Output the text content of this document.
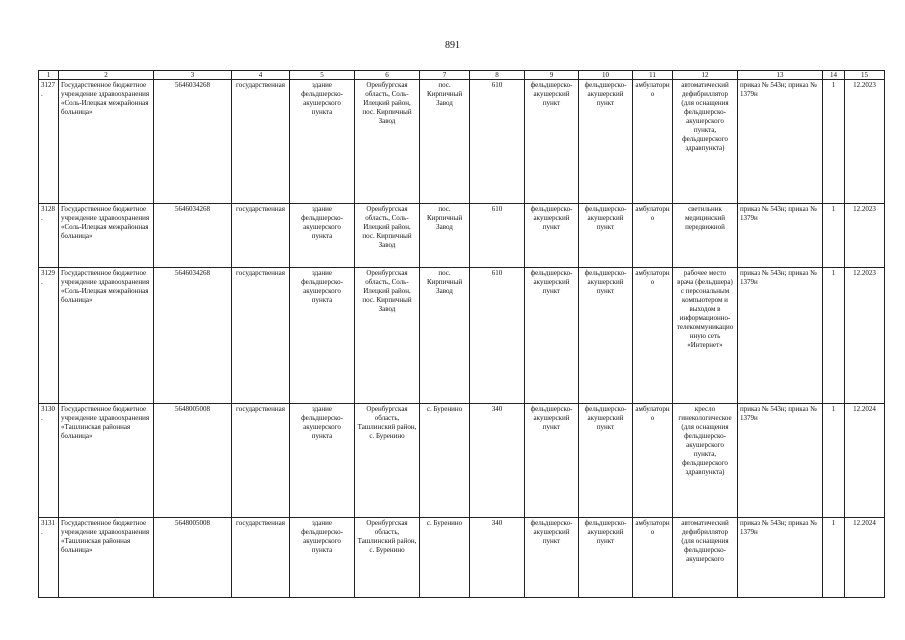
891
1	2	3	4	5	6	7	8	9	10	11	12	13	14	15
3127.	Государственное бюджетное учреждение здравоохранения «Соль-Илецкая межрайонная больница»	5646034268	государственная	здание фельдшерско-акушерского пункта	Оренбургская область, Соль-Илецкий район, пос. Кирпичный Завод	пос. Кирпичный Завод	610	фельдшерско-акушерский пункт	фельдшерско-акушерский пункт	амбулаторно	автоматический дефибриллятор (для оснащения фельдшерско-акушерского пункта, фельдшерского здравпункта)	приказ № 543н; приказ № 1379н	1	12.2023
3128.	Государственное бюджетное учреждение здравоохранения «Соль-Илецкая межрайонная больница»	5646034268	государственная	здание фельдшерско-акушерского пункта	Оренбургская область, Соль-Илецкий район, пос. Кирпичный Завод	пос. Кирпичный Завод	610	фельдшерско-акушерский пункт	фельдшерско-акушерский пункт	амбулаторно	светильник медицинский передвижной	приказ № 543н; приказ № 1379н	1	12.2023
3129.	Государственное бюджетное учреждение здравоохранения «Соль-Илецкая межрайонная больница»	5646034268	государственная	здание фельдшерско-акушерского пункта	Оренбургская область, Соль-Илецкий район, пос. Кирпичный Завод	пос. Кирпичный Завод	610	фельдшерско-акушерский пункт	фельдшерско-акушерский пункт	амбулаторно	рабочее место врача (фельдшера) с персональным компьютером и выходом в информационно-телекоммуникационную сеть «Интернет»	приказ № 543н; приказ № 1379н	1	12.2023
3130.	Государственное бюджетное учреждение здравоохранения «Ташлинская районная больница»	5648005008	государственная	здание фельдшерско-акушерского пункта	Оренбургская область, Ташлинский район, с. Буренино	с. Буренино	340	фельдшерско-акушерский пункт	фельдшерско-акушерский пункт	амбулаторно	кресло гинекологическое (для оснащения фельдшерско-акушерского пункта, фельдшерского здравпункта)	приказ № 543н; приказ № 1379н	1	12.2024
3131.	Государственное бюджетное учреждение здравоохранения «Ташлинская районная больница»	5648005008	государственная	здание фельдшерско-акушерского пункта	Оренбургская область, Ташлинский район, с. Буренино	с. Буренино	340	фельдшерско-акушерский пункт	фельдшерско-акушерский пункт	амбулаторно	автоматический дефибриллятор (для оснащения фельдшерско-акушерского	приказ № 543н; приказ № 1379н	1	12.2024
